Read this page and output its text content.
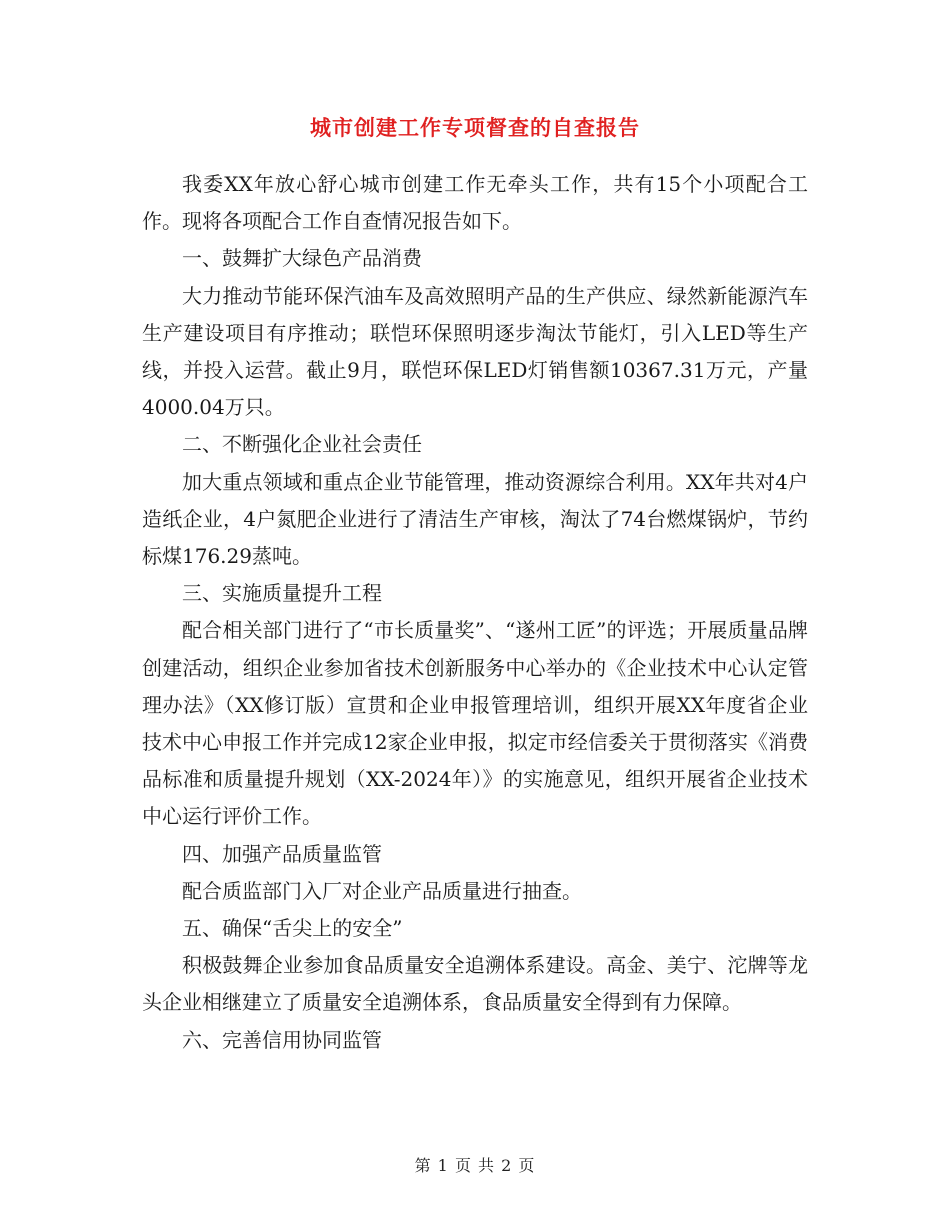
城市创建工作专项督查的自查报告

我委XX年放心舒心城市创建工作无牵头工作，共有15个小项配合工作。现将各项配合工作自查情况报告如下。

一、鼓舞扩大绿色产品消费

大力推动节能环保汽油车及高效照明产品的生产供应、绿然新能源汽车生产建设项目有序推动；联恺环保照明逐步淘汰节能灯，引入LED等生产线，并投入运营。截止9月，联恺环保LED灯销售额10367.31万元，产量4000.04万只。

二、不断强化企业社会责任

加大重点领域和重点企业节能管理，推动资源综合利用。XX年共对4户造纸企业，4户氮肥企业进行了清洁生产审核，淘汰了74台燃煤锅炉，节约标煤176.29蒸吨。

三、实施质量提升工程

配合相关部门进行了“市长质量奖”、“遂州工匠”的评选；开展质量品牌创建活动，组织企业参加省技术创新服务中心举办的《企业技术中心认定管理办法》（XX修订版）宣贯和企业申报管理培训，组织开展XX年度省企业技术中心申报工作并完成12家企业申报，拟定市经信委关于贯彻落实《消费品标准和质量提升规划（XX-2024年）》的实施意见，组织开展省企业技术中心运行评价工作。

四、加强产品质量监管

配合质监部门入厂对企业产品质量进行抽查。

五、确保“舌尖上的安全”

积极鼓舞企业参加食品质量安全追溯体系建设。高金、美宁、沱牌等龙头企业相继建立了质量安全追溯体系，食品质量安全得到有力保障。

六、完善信用协同监管

第 1 页 共 2 页
